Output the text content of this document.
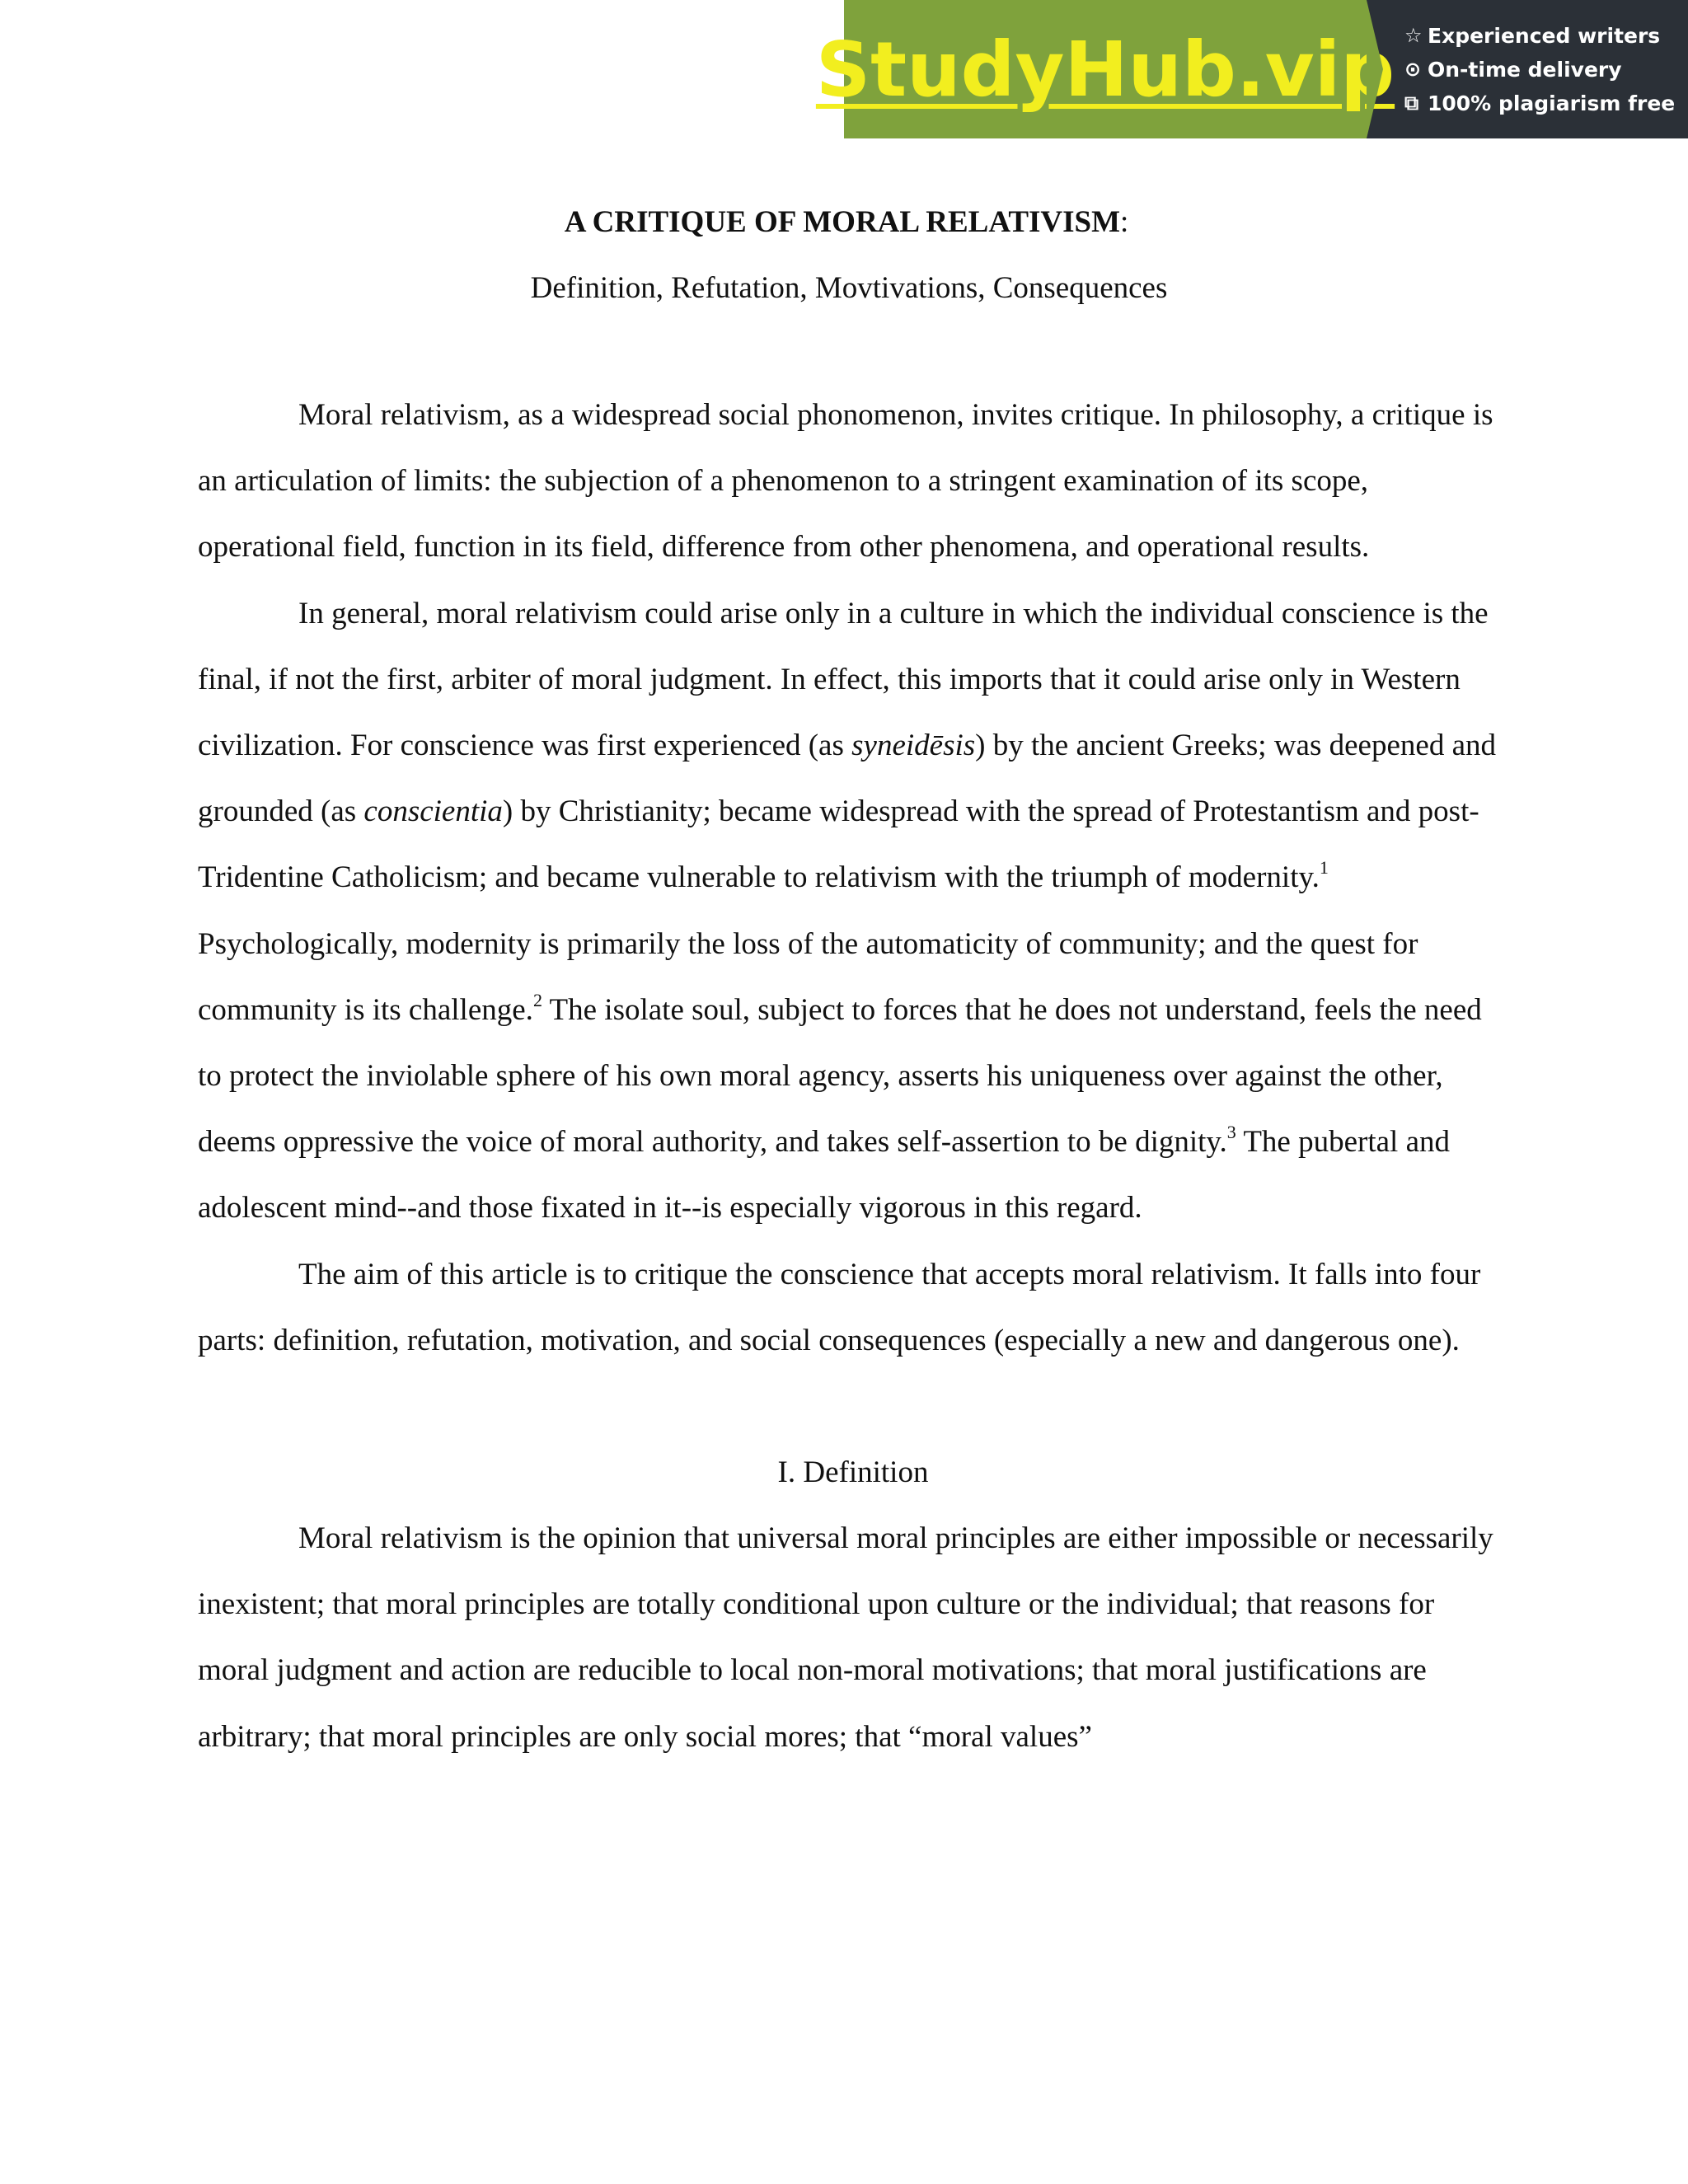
StudyHub.vip ☆ Experienced writers
⊙ On-time delivery
⧉ 100% plagiarism free
A CRITIQUE OF MORAL RELATIVISM:
Definition, Refutation, Movtivations, Consequences

Moral relativism, as a widespread social phonomenon, invites critique. In philosophy, a critique is an articulation of limits: the subjection of a phenomenon to a stringent examination of its scope, operational field, function in its field, difference from other phenomena, and operational results.

In general, moral relativism could arise only in a culture in which the individual conscience is the final, if not the first, arbiter of moral judgment. In effect, this imports that it could arise only in Western civilization. For conscience was first experienced (as syneidēsis) by the ancient Greeks; was deepened and grounded (as conscientia) by Christianity; became widespread with the spread of Protestantism and post-Tridentine Catholicism; and became vulnerable to relativism with the triumph of modernity.$^1$ Psychologically, modernity is primarily the loss of the automaticity of community; and the quest for community is its challenge.$^2$ The isolate soul, subject to forces that he does not understand, feels the need to protect the inviolable sphere of his own moral agency, asserts his uniqueness over against the other, deems oppressive the voice of moral authority, and takes self-assertion to be dignity.$^3$ The pubertal and adolescent mind--and those fixated in it--is especially vigorous in this regard.

The aim of this article is to critique the conscience that accepts moral relativism. It falls into four parts: definition, refutation, motivation, and social consequences (especially a new and dangerous one).

I. Definition

Moral relativism is the opinion that universal moral principles are either impossible or necessarily inexistent; that moral principles are totally conditional upon culture or the individual; that reasons for moral judgment and action are reducible to local non-moral motivations; that moral justifications are arbitrary; that moral principles are only social mores; that “moral values”
